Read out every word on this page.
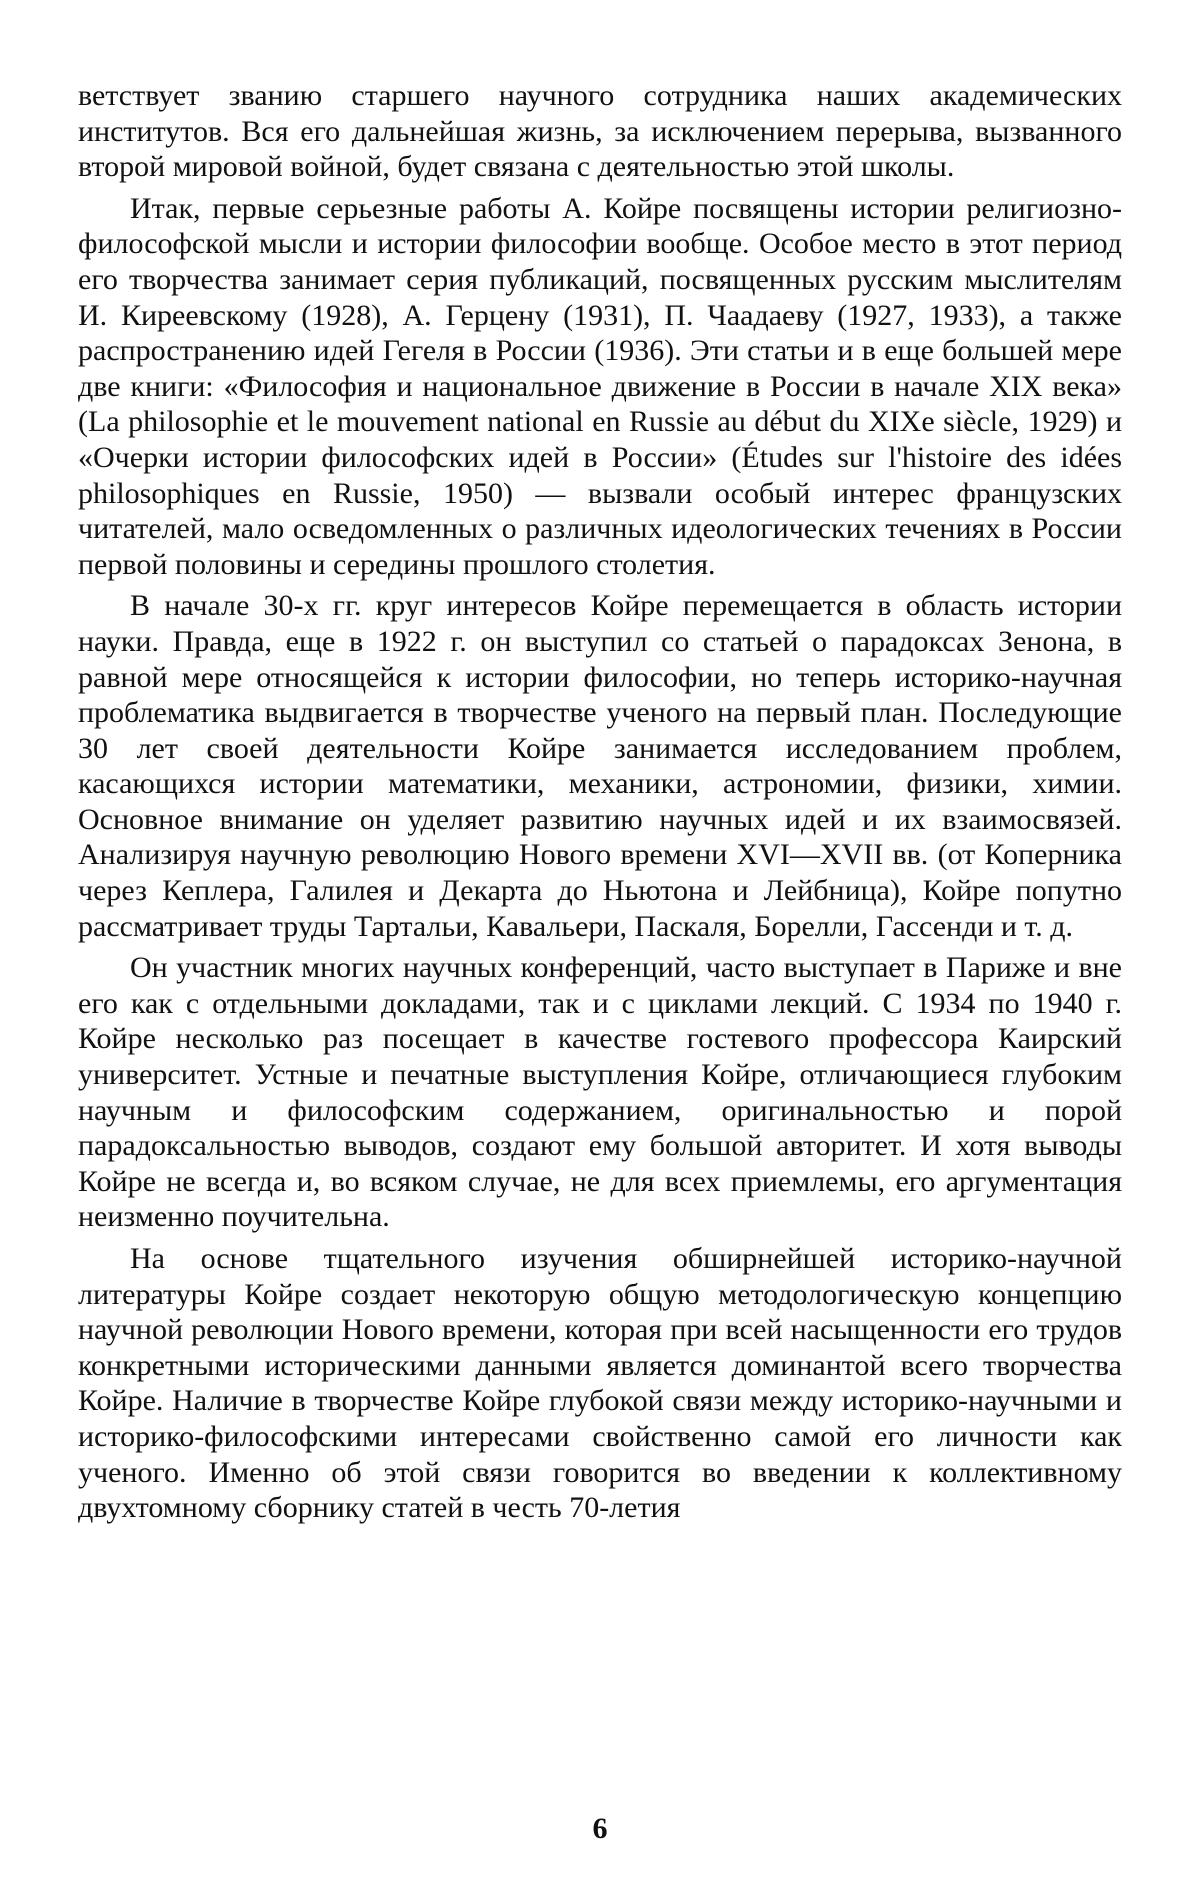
ветствует званию старшего научного сотрудника наших академических институтов. Вся его дальнейшая жизнь, за исключением перерыва, вызванного второй мировой войной, будет связана с деятельностью этой школы.

Итак, первые серьезные работы А. Койре посвящены истории религиозно-философской мысли и истории философии вообще. Особое место в этот период его творчества занимает серия публикаций, посвященных русским мыслителям И. Киреевскому (1928), А. Герцену (1931), П. Чаадаеву (1927, 1933), а также распространению идей Гегеля в России (1936). Эти статьи и в еще большей мере две книги: «Философия и национальное движение в России в начале XIX века» (La philosophie et le mouvement national en Russie au début du XIXe siècle, 1929) и «Очерки истории философских идей в России» (Études sur l'histoire des idées philosophiques en Russie, 1950) — вызвали особый интерес французских читателей, мало осведомленных о различных идеологических течениях в России первой половины и середины прошлого столетия.

В начале 30-х гг. круг интересов Койре перемещается в область истории науки. Правда, еще в 1922 г. он выступил со статьей о парадоксах Зенона, в равной мере относящейся к истории философии, но теперь историко-научная проблематика выдвигается в творчестве ученого на первый план. Последующие 30 лет своей деятельности Койре занимается исследованием проблем, касающихся истории математики, механики, астрономии, физики, химии. Основное внимание он уделяет развитию научных идей и их взаимосвязей. Анализируя научную революцию Нового времени XVI—XVII вв. (от Коперника через Кеплера, Галилея и Декарта до Ньютона и Лейбница), Койре попутно рассматривает труды Тартальи, Кавальери, Паскаля, Борелли, Гассенди и т. д.

Он участник многих научных конференций, часто выступает в Париже и вне его как с отдельными докладами, так и с циклами лекций. С 1934 по 1940 г. Койре несколько раз посещает в качестве гостевого профессора Каирский университет. Устные и печатные выступления Койре, отличающиеся глубоким научным и философским содержанием, оригинальностью и порой парадоксальностью выводов, создают ему большой авторитет. И хотя выводы Койре не всегда и, во всяком случае, не для всех приемлемы, его аргументация неизменно поучительна.

На основе тщательного изучения обширнейшей историко-научной литературы Койре создает некоторую общую методологическую концепцию научной революции Нового времени, которая при всей насыщенности его трудов конкретными историческими данными является доминантой всего творчества Койре. Наличие в творчестве Койре глубокой связи между историко-научными и историко-философскими интересами свойственно самой его личности как ученого. Именно об этой связи говорится во введении к коллективному двухтомному сборнику статей в честь 70-летия

6
